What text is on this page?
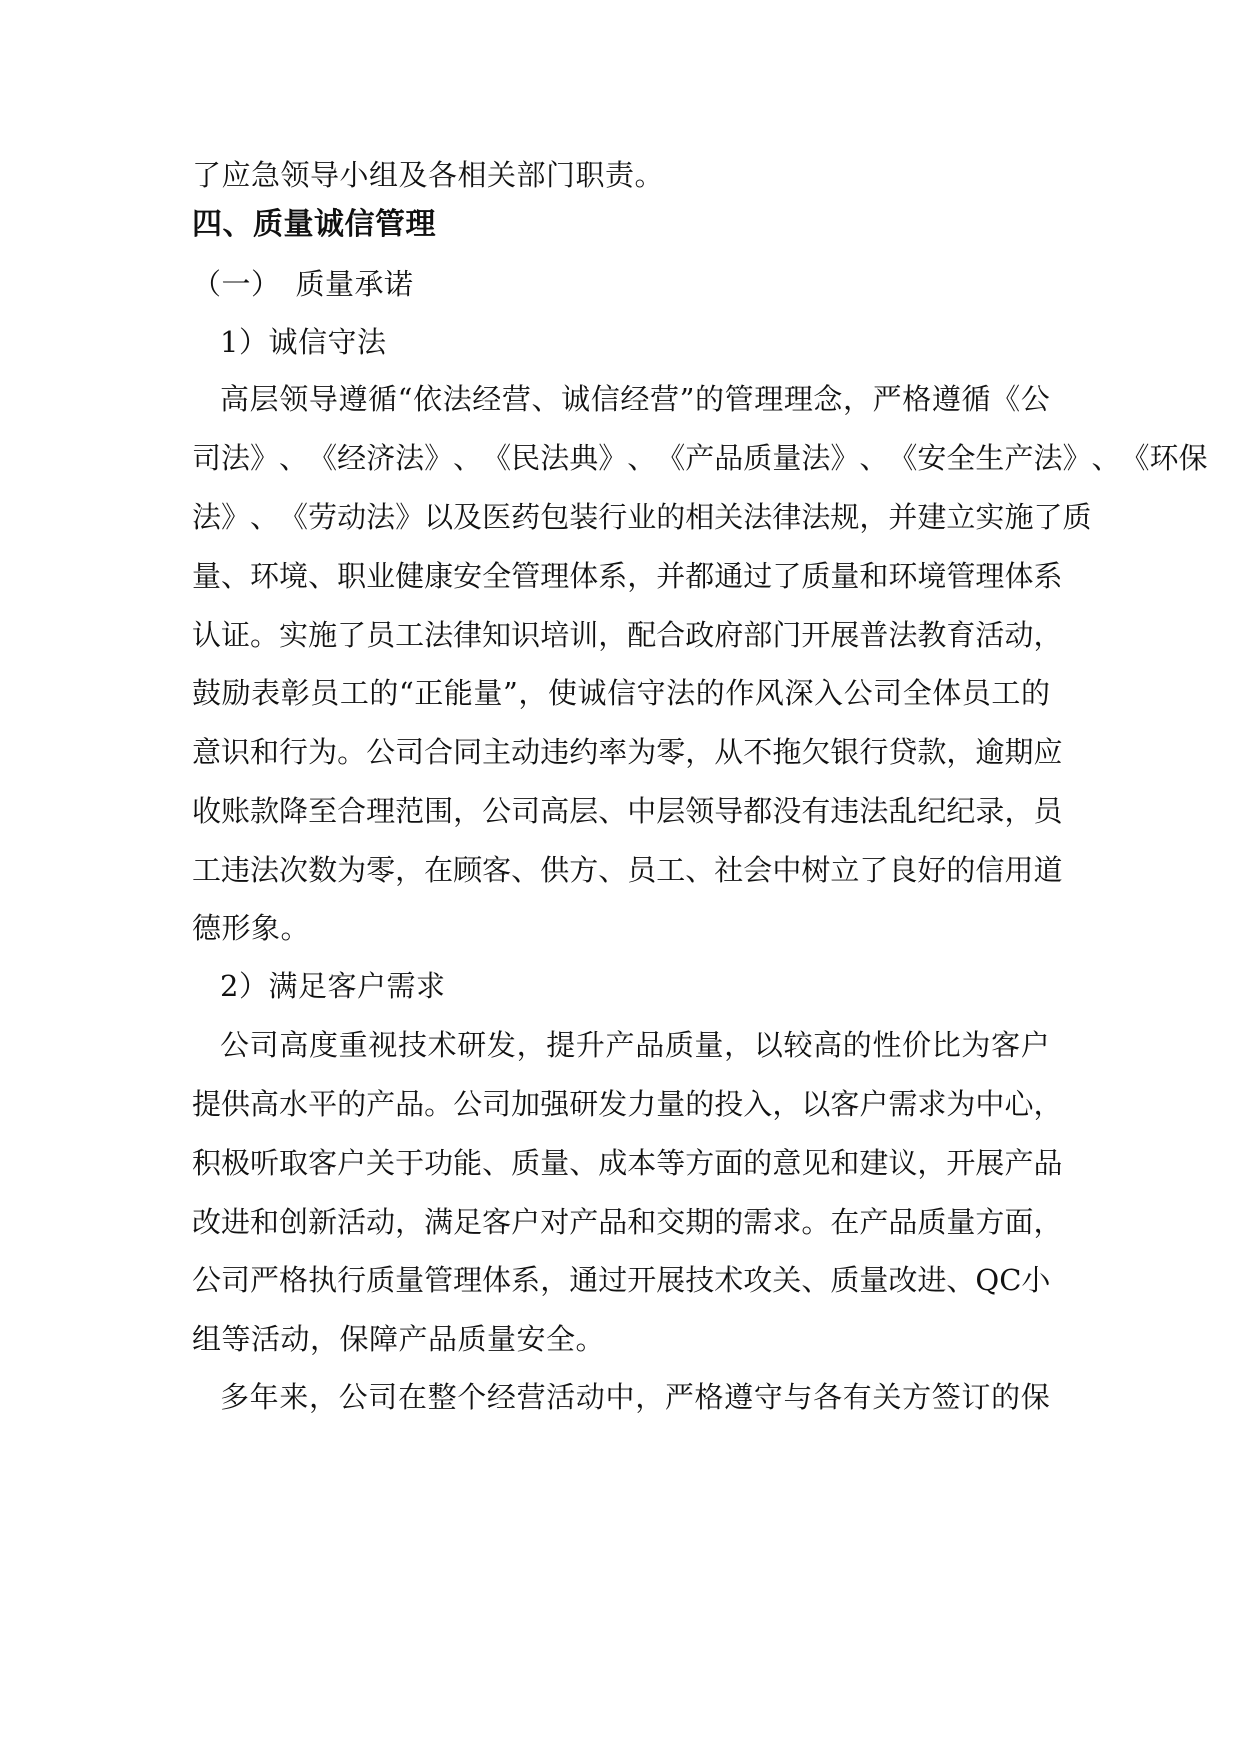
了应急领导小组及各相关部门职责。
四、质量诚信管理
（一）　质量承诺
1）诚信守法
高 层 领 导 遵 循 “ 依 法 经 营 、 诚 信 经 营 ” 的 管 理 理 念 ， 严 格 遵 循 《 公
司 法 》 、 《 经 济 法 》 、 《 民 法 典 》 、 《 产 品 质 量 法 》 、 《 安 全 生 产 法 》 、 《 环 保
法 》 、 《 劳 动 法 》 以 及 医 药 包 装 行 业 的 相 关 法 律 法 规 ， 并 建 立 实 施 了 质
量 、 环 境 、 职 业 健 康 安 全 管 理 体 系 ， 并 都 通 过 了 质 量 和 环 境 管 理 体 系
认 证 。 实 施 了 员 工 法 律 知 识 培 训 ， 配 合 政 府 部 门 开 展 普 法 教 育 活 动 ，
鼓 励 表 彰 员 工 的 “ 正 能 量 ” ， 使 诚 信 守 法 的 作 风 深 入 公 司 全 体 员 工 的
意 识 和 行 为 。 公 司 合 同 主 动 违 约 率 为 零 ， 从 不 拖 欠 银 行 贷 款 ， 逾 期 应
收 账 款 降 至 合 理 范 围 ， 公 司 高 层 、 中 层 领 导 都 没 有 违 法 乱 纪 纪 录 ， 员
工 违 法 次 数 为 零 ， 在 顾 客 、 供 方 、 员 工 、 社 会 中 树 立 了 良 好 的 信 用 道
德形象。
2）满足客户需求
公 司 高 度 重 视 技 术 研 发 ， 提 升 产 品 质 量 ， 以 较 高 的 性 价 比 为 客 户
提 供 高 水 平 的 产 品 。 公 司 加 强 研 发 力 量 的 投 入 ， 以 客 户 需 求 为 中 心 ，
积 极 听 取 客 户 关 于 功 能 、 质 量 、 成 本 等 方 面 的 意 见 和 建 议 ， 开 展 产 品
改 进 和 创 新 活 动 ， 满 足 客 户 对 产 品 和 交 期 的 需 求 。 在 产 品 质 量 方 面 ，
公 司 严 格 执 行 质 量 管 理 体 系 ， 通 过 开 展 技 术 攻 关 、 质 量 改 进 、 Q C 小
组等活动，保障产品质量安全。
多 年 来 ， 公 司 在 整 个 经 营 活 动 中 ， 严 格 遵 守 与 各 有 关 方 签 订 的 保
